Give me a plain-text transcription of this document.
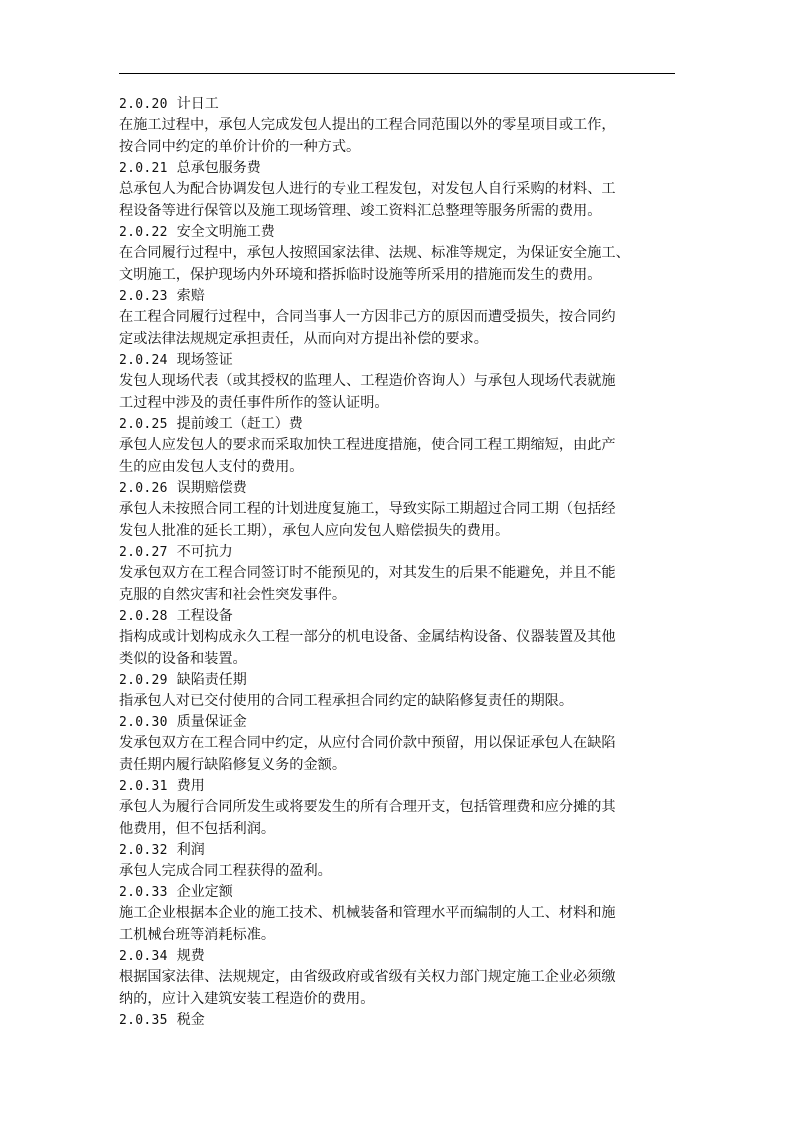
2.0.20 计日工

在施工过程中，承包人完成发包人提出的工程合同范围以外的零星项目或工作，
按合同中约定的单价计价的一种方式。

2.0.21 总承包服务费

总承包人为配合协调发包人进行的专业工程发包，对发包人自行采购的材料、工
程设备等进行保管以及施工现场管理、竣工资料汇总整理等服务所需的费用。

2.0.22 安全文明施工费

在合同履行过程中，承包人按照国家法律、法规、标准等规定，为保证安全施工、
文明施工，保护现场内外环境和搭拆临时设施等所采用的措施而发生的费用。

2.0.23 索赔

在工程合同履行过程中，合同当事人一方因非己方的原因而遭受损失，按合同约
定或法律法规规定承担责任，从而向对方提出补偿的要求。

2.0.24 现场签证

发包人现场代表（或其授权的监理人、工程造价咨询人）与承包人现场代表就施
工过程中涉及的责任事件所作的签认证明。

2.0.25 提前竣工（赶工）费

承包人应发包人的要求而采取加快工程进度措施，使合同工程工期缩短，由此产
生的应由发包人支付的费用。

2.0.26 误期赔偿费

承包人未按照合同工程的计划进度复施工，导致实际工期超过合同工期（包括经
发包人批准的延长工期），承包人应向发包人赔偿损失的费用。

2.0.27 不可抗力

发承包双方在工程合同签订时不能预见的，对其发生的后果不能避免，并且不能
克服的自然灾害和社会性突发事件。

2.0.28 工程设备

指构成或计划构成永久工程一部分的机电设备、金属结构设备、仪器装置及其他
类似的设备和装置。

2.0.29 缺陷责任期

指承包人对已交付使用的合同工程承担合同约定的缺陷修复责任的期限。

2.0.30 质量保证金

发承包双方在工程合同中约定，从应付合同价款中预留，用以保证承包人在缺陷
责任期内履行缺陷修复义务的金额。

2.0.31 费用

承包人为履行合同所发生或将要发生的所有合理开支，包括管理费和应分摊的其
他费用，但不包括利润。

2.0.32 利润

承包人完成合同工程获得的盈利。

2.0.33 企业定额

施工企业根据本企业的施工技术、机械装备和管理水平而编制的人工、材料和施
工机械台班等消耗标准。

2.0.34 规费

根据国家法律、法规规定，由省级政府或省级有关权力部门规定施工企业必须缴
纳的，应计入建筑安装工程造价的费用。

2.0.35 税金
